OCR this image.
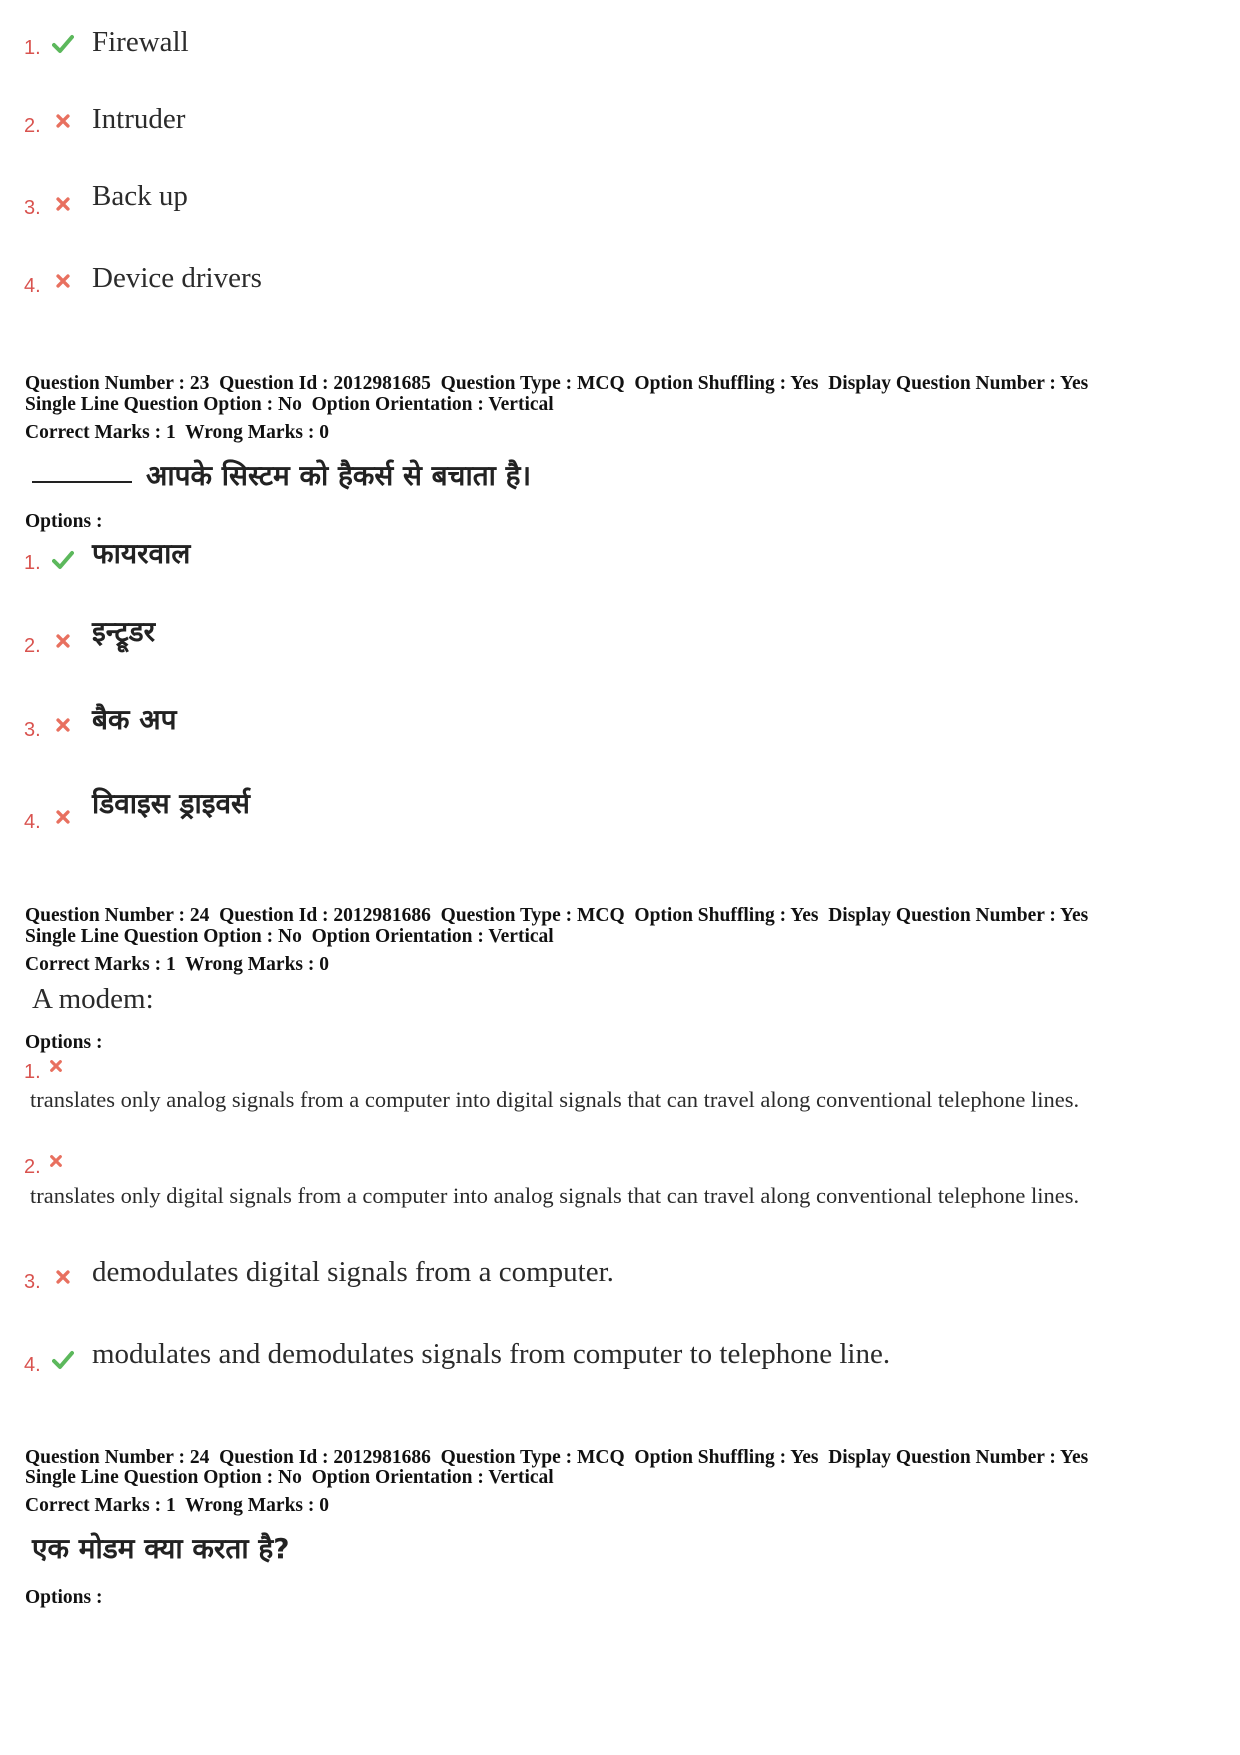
1. Firewall
2. Intruder
3. Back up
4. Device drivers
Question Number : 23  Question Id : 2012981685  Question Type : MCQ  Option Shuffling : Yes  Display Question Number : Yes
Single Line Question Option : No  Option Orientation : Vertical
Correct Marks : 1  Wrong Marks : 0
आपके सिस्टम को हैकर्स से बचाता है।
Options :
1. फायरवाल
2. इन्ट्रूडर
3. बैक अप
4.
डिवाइस ड्राइवर्स
Question Number : 24  Question Id : 2012981686  Question Type : MCQ  Option Shuffling : Yes  Display Question Number : Yes
Single Line Question Option : No  Option Orientation : Vertical
Correct Marks : 1  Wrong Marks : 0
A modem:
Options :
1.
translates only analog signals from a computer into digital signals that can travel along conventional telephone lines.
2.
translates only digital signals from a computer into analog signals that can travel along conventional telephone lines.
3. demodulates digital signals from a computer.
4. modulates and demodulates signals from computer to telephone line.
Question Number : 24  Question Id : 2012981686  Question Type : MCQ  Option Shuffling : Yes  Display Question Number : Yes
Single Line Question Option : No  Option Orientation : Vertical
Correct Marks : 1  Wrong Marks : 0
एक मोडम क्या करता है?
Options :
